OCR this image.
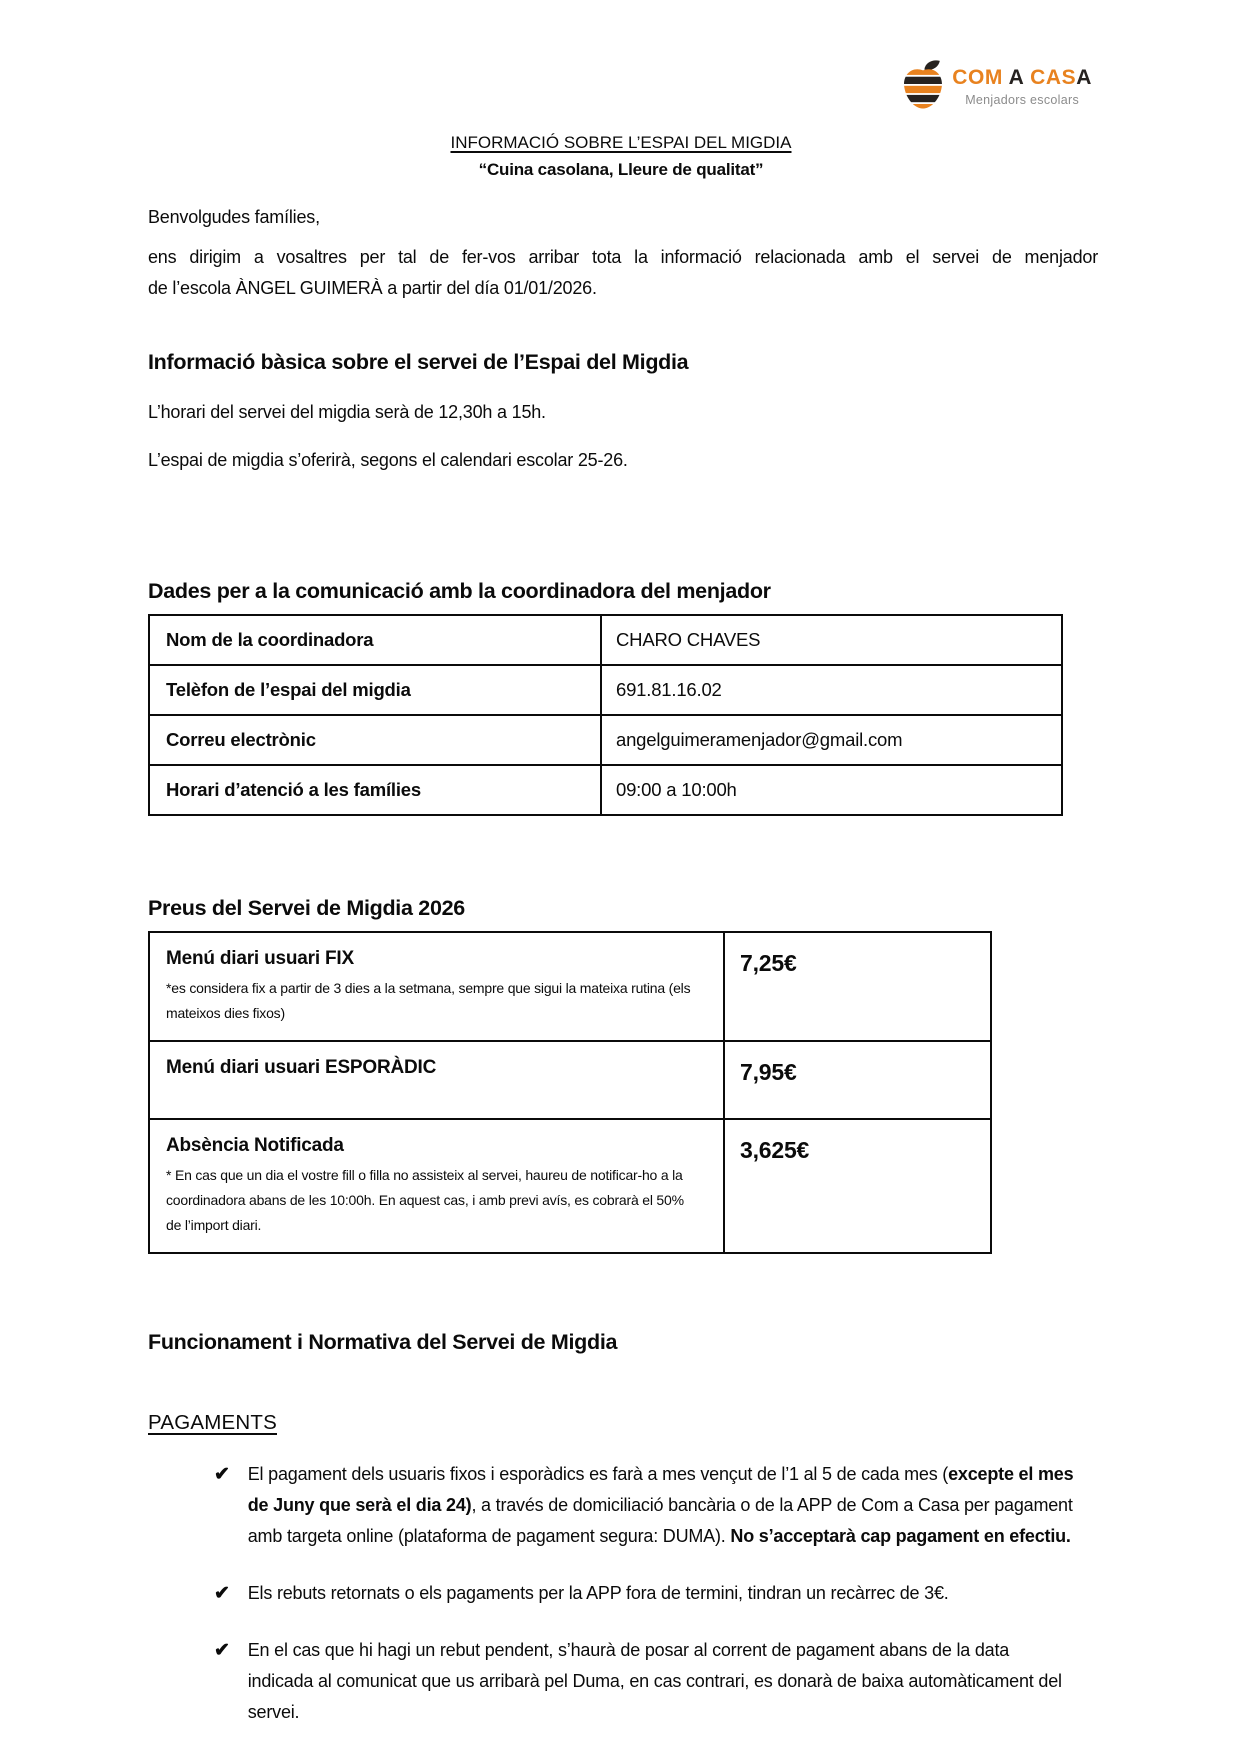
COM A CASA
Menjadors escolars
INFORMACIÓ SOBRE L’ESPAI DEL MIGDIA
“Cuina casolana, Lleure de qualitat”

Benvolgudes famílies,

ens dirigim a vosaltres per tal de fer-vos arribar tota la informació relacionada amb el servei de menjador
de l’escola ÀNGEL GUIMERÀ a partir del día 01/01/2026.
Informació bàsica sobre el servei de l’Espai del Migdia

L’horari del servei del migdia serà de 12,30h a 15h.

L’espai de migdia s’oferirà, segons el calendari escolar 25-26.

Dades per a la comunicació amb la coordinadora del menjador
Nom de la coordinadora	CHARO CHAVES
Telèfon de l’espai del migdia	691.81.16.02
Correu electrònic	angelguimeramenjador@gmail.com
Horari d’atenció a les famílies	09:00 a 10:00h
Preus del Servei de Migdia 2026
Menú diari usuari FIX
*es considera fix a partir de 3 dies a la setmana, sempre que sigui la mateixa rutina (els mateixos dies fixos)	7,25€

Menú diari usuari ESPORÀDIC	7,95€

Absència Notificada
* En cas que un dia el vostre fill o filla no assisteix al servei, haureu de notificar-ho a la coordinadora abans de les 10:00h. En aquest cas, i amb previ avís, es cobrarà el 50% de l’import diari.	3,625€
Funcionament i Normativa del Servei de Migdia
PAGAMENTS
✔ El pagament dels usuaris fixos i esporàdics es farà a mes vençut de l’1 al 5 de cada mes (excepte el mes de Juny que serà el dia 24), a través de domiciliació bancària o de la APP de Com a Casa per pagament amb targeta online (plataforma de pagament segura: DUMA). No s’acceptarà cap pagament en efectiu.

✔ Els rebuts retornats o els pagaments per la APP fora de termini, tindran un recàrrec de 3€.

✔ En el cas que hi hagi un rebut pendent, s’haurà de posar al corrent de pagament abans de la data indicada al comunicat que us arribarà pel Duma, en cas contrari, es donarà de baixa automàticament del servei.
